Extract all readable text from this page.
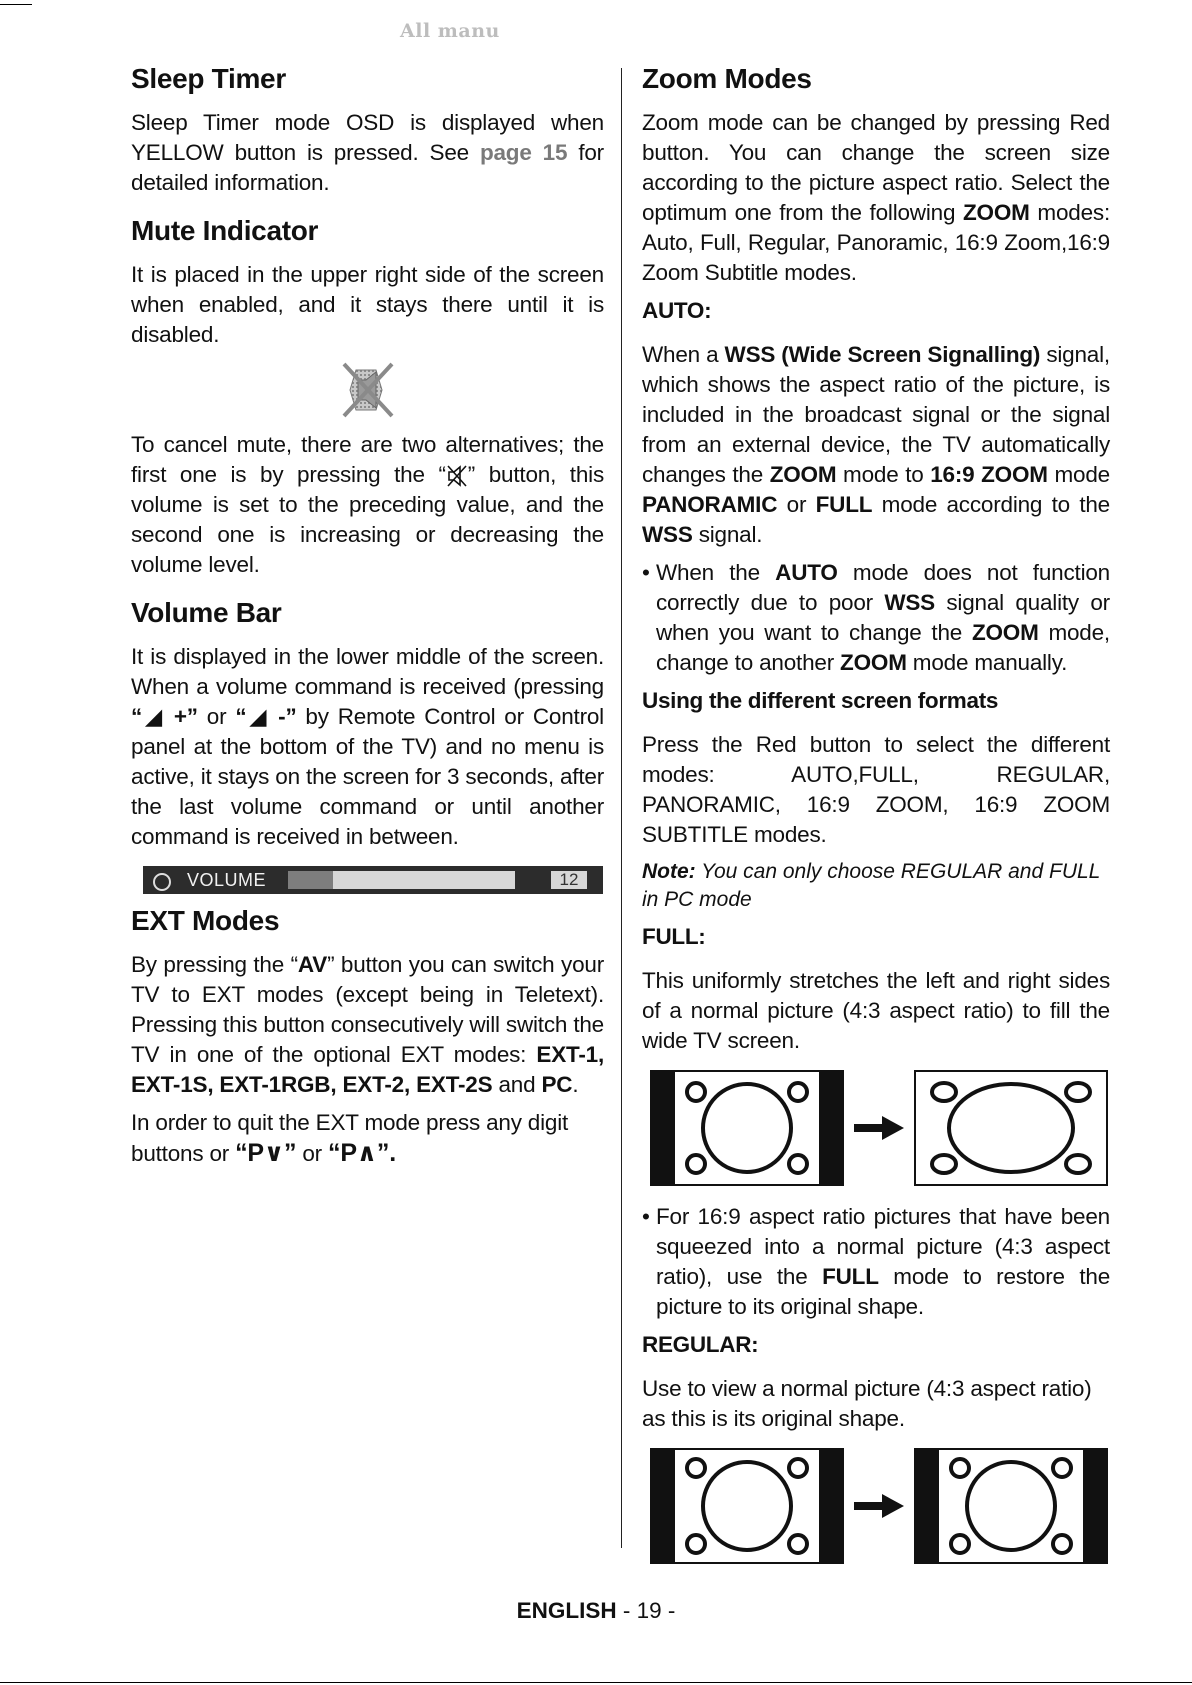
All manu
Sleep Timer

Sleep Timer mode OSD is displayed when YELLOW button is pressed. See page 15 for detailed information.

Mute Indicator

It is placed in the upper right side of the screen when enabled, and it stays there until it is disabled.

To cancel mute, there are two alternatives; the first one is by pressing the “ ” button, this volume is set to the preceding value, and the second one is increasing or decreasing the volume level.

Volume Bar

It is displayed in the lower middle of the screen. When a volume command is received (pressing “◢ +” or “◢ -” by Remote Control or Control panel at the bottom of the TV) and no menu is active, it stays on the screen for 3 seconds, after the last volume command or until another command is received in between.

VOLUME	12
EXT Modes

By pressing the “AV” button you can switch your TV to EXT modes (except being in Teletext). Pressing this button consecutively will switch the TV in one of the optional EXT modes: EXT-1, EXT-1S, EXT-1RGB, EXT-2, EXT-2S and PC.

In order to quit the EXT mode press any digit buttons or “P∨” or “P∧”.

Zoom Modes

Zoom mode can be changed by pressing Red button. You can change the screen size according to the picture aspect ratio. Select the optimum one from the following ZOOM modes: Auto, Full, Regular, Panoramic, 16:9 Zoom,16:9 Zoom Subtitle modes.

AUTO:

When a WSS (Wide Screen Signalling) signal, which shows the aspect ratio of the picture, is included in the broadcast signal or the signal from an external device, the TV automatically changes the ZOOM mode to 16:9 ZOOM mode PANORAMIC or FULL mode according to the WSS signal.

• When the AUTO mode does not function correctly due to poor WSS signal quality or when you want to change the ZOOM mode, change to another ZOOM mode manually.
Using the different screen formats

Press the Red button to select the different modes: AUTO,FULL, REGULAR, PANORAMIC, 16:9 ZOOM, 16:9 ZOOM SUBTITLE modes.

Note: You can only choose REGULAR and FULL in PC mode
FULL:

This uniformly stretches the left and right sides of a normal picture (4:3 aspect ratio) to fill the wide TV screen.

• For 16:9 aspect ratio pictures that have been squeezed into a normal picture (4:3 aspect ratio), use the FULL mode to restore the picture to its original shape.
REGULAR:

Use to view a normal picture (4:3 aspect ratio) as this is its original shape.

ENGLISH - 19 -
